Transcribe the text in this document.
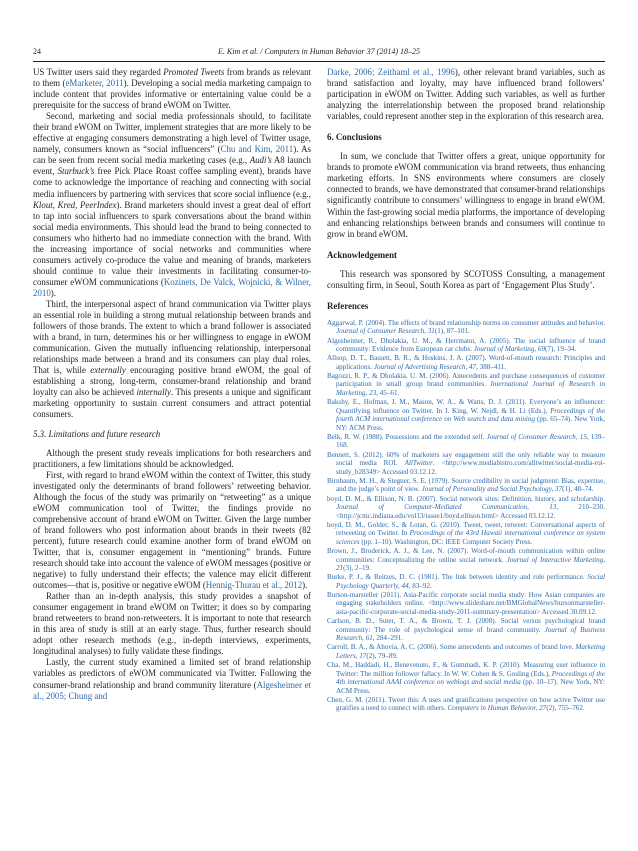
24	E. Kim et al. / Computers in Human Behavior 37 (2014) 18–25

US Twitter users said they regarded Promoted Tweets from brands as relevant to them (eMarketer, 2011). Developing a social media marketing campaign to include content that provides informative or entertaining value could be a prerequisite for the success of brand eWOM on Twitter.

Second, marketing and social media professionals should, to facilitate their brand eWOM on Twitter, implement strategies that are more likely to be effective at engaging consumers demonstrating a high level of Twitter usage, namely, consumers known as “social influencers” (Chu and Kim, 2011). As can be seen from recent social media marketing cases (e.g., Audi’s A8 launch event, Starbuck’s free Pick Place Roast coffee sampling event), brands have come to acknowledge the importance of reaching and connecting with social media influencers by partnering with services that score social influence (e.g., Klout, Kred, PeerIndex). Brand marketers should invest a great deal of effort to tap into social influencers to spark conversations about the brand within social media environments. This should lead the brand to being connected to consumers who hitherto had no immediate connection with the brand. With the increasing importance of social networks and communities where consumers actively co-produce the value and meaning of brands, marketers should continue to value their investments in facilitating consumer-to-consumer eWOM communications (Kozinets, De Valck, Wojnicki, & Wilner, 2010).

Third, the interpersonal aspect of brand communication via Twitter plays an essential role in building a strong mutual relationship between brands and followers of those brands. The extent to which a brand follower is associated with a brand, in turn, determines his or her willingness to engage in eWOM communication. Given the mutually influencing relationship, interpersonal relationships made between a brand and its consumers can play dual roles. That is, while externally encouraging positive brand eWOM, the goal of establishing a strong, long-term, consumer-brand relationship and brand loyalty can also be achieved internally. This presents a unique and significant marketing opportunity to sustain current consumers and attract potential consumers.

5.3. Limitations and future research

Although the present study reveals implications for both researchers and practitioners, a few limitations should be acknowledged.

First, with regard to brand eWOM within the context of Twitter, this study investigated only the determinants of brand followers’ retweeting behavior. Although the focus of the study was primarily on “retweeting” as a unique eWOM communication tool of Twitter, the findings provide no comprehensive account of brand eWOM on Twitter. Given the large number of brand followers who post information about brands in their tweets (82 percent), future research could examine another form of brand eWOM on Twitter, that is, consumer engagement in “mentioning” brands. Future research should take into account the valence of eWOM messages (positive or negative) to fully understand their effects; the valence may elicit different outcomes—that is, positive or negative eWOM (Hennig-Thurau et al., 2012).

Rather than an in-depth analysis, this study provides a snapshot of consumer engagement in brand eWOM on Twitter; it does so by comparing brand retweeters to brand non-retweeters. It is important to note that research in this area of study is still at an early stage. Thus, further research should adopt other research methods (e.g., in-depth interviews, experiments, longitudinal analyses) to fully validate these findings.

Lastly, the current study examined a limited set of brand relationship variables as predictors of eWOM communicated via Twitter. Following the consumer-brand relationship and brand community literature (Algesheimer et al., 2005; Chung and

Darke, 2006; Zeithaml et al., 1996), other relevant brand variables, such as brand satisfaction and loyalty, may have influenced brand followers’ participation in eWOM on Twitter. Adding such variables, as well as further analyzing the interrelationship between the proposed brand relationship variables, could represent another step in the exploration of this research area.

6. Conclusions

In sum, we conclude that Twitter offers a great, unique opportunity for brands to promote eWOM communication via brand retweets, thus enhancing marketing efforts. In SNS environments where consumers are closely connected to brands, we have demonstrated that consumer-brand relationships significantly contribute to consumers’ willingness to engage in brand eWOM. Within the fast-growing social media platforms, the importance of developing and enhancing relationships between brands and consumers will continue to grow in brand eWOM.

Acknowledgement

This research was sponsored by SCOTOSS Consulting, a management consulting firm, in Seoul, South Korea as part of ‘Engagement Plus Study’.

References
Aggarwal, P. (2004). The effects of brand relationship norms on consumer attitudes and behavior. Journal of Consumer Research, 31(1), 87–101.
Algesheimer, R., Dholakia, U. M., & Herrmann, A. (2005). The social influence of brand community: Evidence from European car clubs. Journal of Marketing, 69(7), 19–34.
Allsop, D. T., Bassett, B. R., & Hoskins, J. A. (2007). Word-of-mouth research: Principles and applications. Journal of Advertising Research, 47, 388–411.
Bagozzi, R. P., & Dholakia, U. M. (2006). Antecedents and purchase consequences of customer participation in small group brand communities. International Journal of Research in Marketing, 23, 45–61.
Bakshy, E., Hofman, J. M., Mason, W. A., & Watts, D. J. (2011). Everyone’s an influencer: Quantifying influence on Twitter. In I. King, W. Nejdl, & H. Li (Eds.), Proceedings of the fourth ACM international conference on Web search and data mining (pp. 65–74). New York, NY: ACM Press.
Belk, R. W. (1988). Possessions and the extended self. Journal of Consumer Research, 15, 139–168.
Bennett, S. (2012). 60% of marketers say engagement still the only reliable way to measure social media ROI. AllTwitter. <http://www.mediabistro.com/alltwitter/social-media-roi-study_b28349> Accessed 03.12.12.
Birnbaum, M. H., & Stegner, S. E. (1979). Source credibility in social judgment: Bias, expertise, and the judge’s point of view. Journal of Personality and Social Psychology, 37(1), 48–74.
boyd, D. M., & Ellison, N. B. (2007). Social network sites: Definition, history, and scholarship. Journal of Computer-Mediated Communication, 13, 210–230. <http://jcmc.indiana.edu/vol13/issue1/boyd.ellison.html> Accessed 03.12.12.
boyd, D. M., Golder, S., & Lotan, G. (2010). Tweet, tweet, retweet: Conversational aspects of retweeting on Twitter. In Proceedings of the 43rd Hawaii international conference on system sciences (pp. 1–10). Washington, DC: IEEE Computer Society Press.
Brown, J., Broderick, A. J., & Lee, N. (2007). Word-of-mouth communication within online communities: Conceptualizing the online social network. Journal of Interactive Marketing, 21(3), 2–19.
Burke, P. J., & Reitzes, D. C. (1981). The link between identity and role performance. Social Psychology Quarterly, 44, 83–92.
Burson-marsteller (2011). Asia-Pacific corporate social media study: How Asian companies are engaging stakeholders online. <http://www.slideshare.net/BMGlobalNews/bursonmarsteller-asia-pacific-corporate-social-media-study-2011-summary-presentation> Accessed 30.09.12.
Carlson, B. D., Suter, T. A., & Brown, T. J. (2008). Social versus psychological brand community: The role of psychological sense of brand community. Journal of Business Research, 61, 284–291.
Carroll, B. A., & Ahuvia, A. C. (2006). Some antecedents and outcomes of brand love. Marketing Letters, 17(2), 79–89.
Cha, M., Haddadi, H., Benevenuto, F., & Gummadi, K. P. (2010). Measuring user influence in Twitter: The million follower fallacy. In W. W. Cohen & S. Gosling (Eds.), Proceedings of the 4th international AAAI conference on weblogs and social media (pp. 10–17). New York, NY: ACM Press.
Chen, G. M. (2011). Tweet this: A uses and gratifications perspective on how active Twitter use gratifies a need to connect with others. Computers in Human Behavior, 27(2), 755–762.
